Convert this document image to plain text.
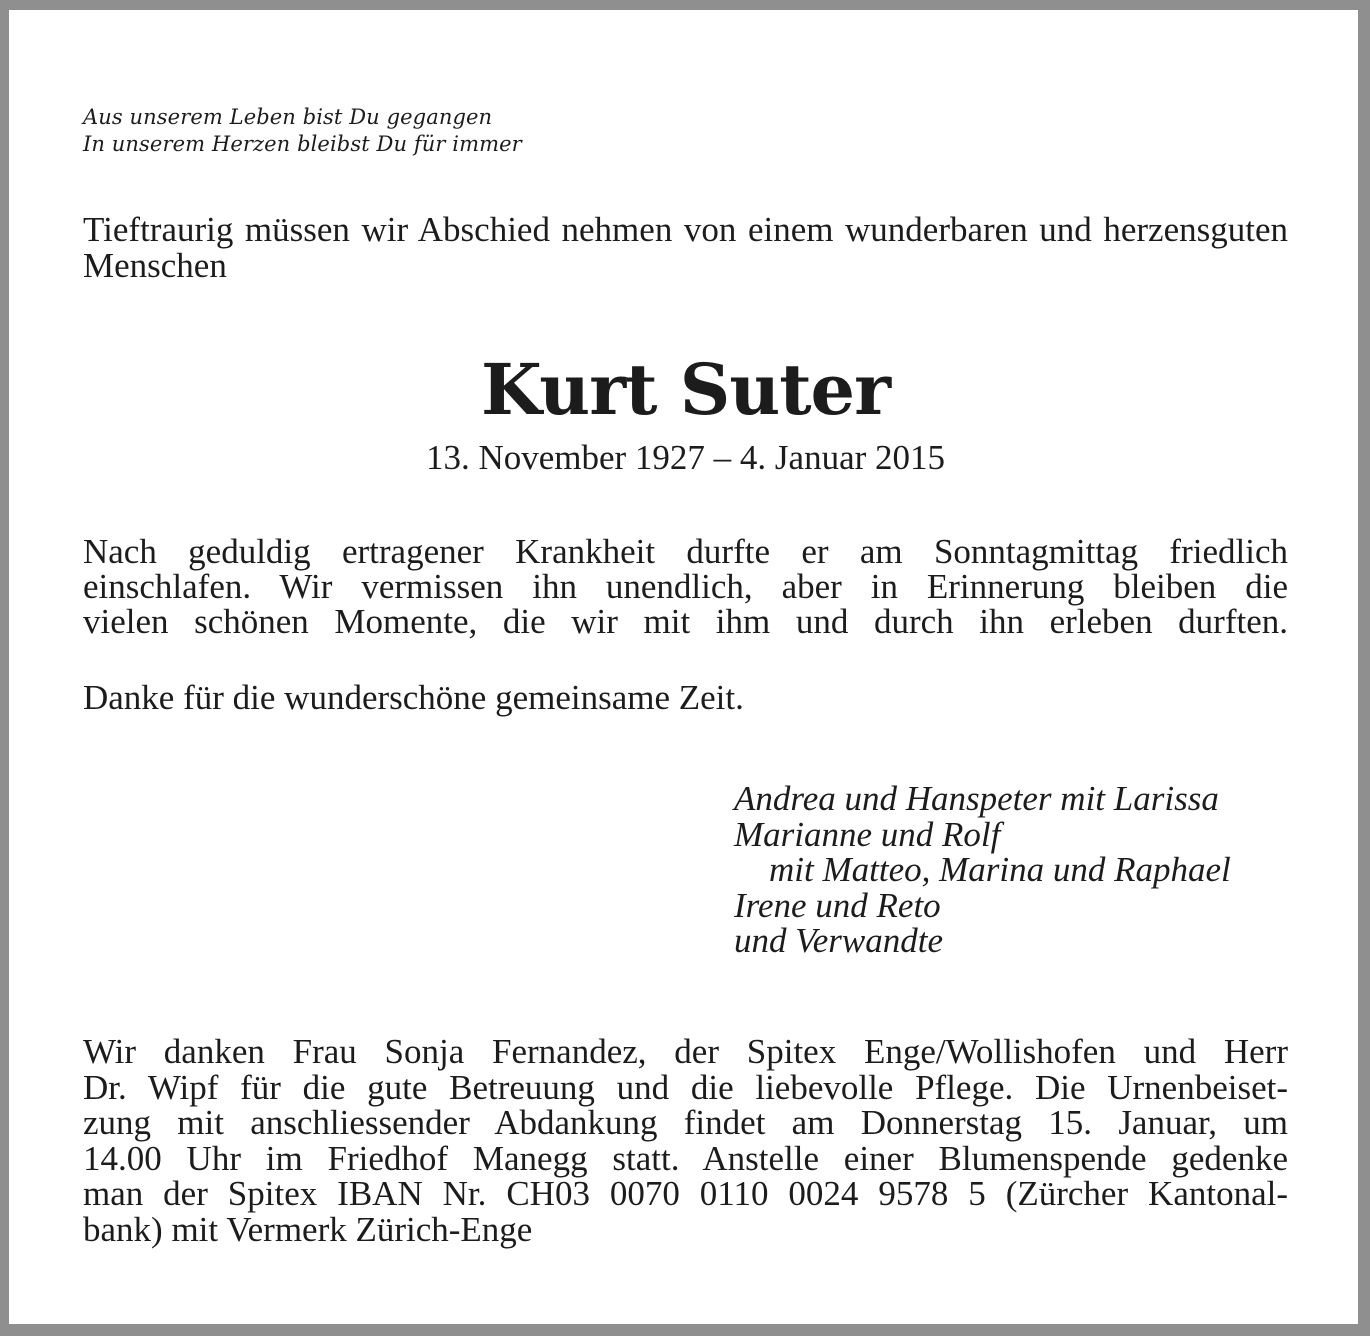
Aus unserem Leben bist Du gegangen
In unserem Herzen bleibst Du für immer

Tieftraurig müssen wir Abschied nehmen von einem wunderbaren und herzensguten Menschen

Kurt Suter
13. November 1927 – 4. Januar 2015
Nach geduldig ertragener Krankheit durfte er am Sonntagmittag friedlich
einschlafen. Wir vermissen ihn unendlich, aber in Erinnerung bleiben die
vielen schönen Momente, die wir mit ihm und durch ihn erleben durften.
Danke für die wunderschöne gemeinsame Zeit.
Andrea und Hanspeter mit Larissa
Marianne und Rolf
mit Matteo, Marina und Raphael
Irene und Reto
und Verwandte
Wir danken Frau Sonja Fernandez, der Spitex Enge/Wollishofen und Herr
Dr. Wipf für die gute Betreuung und die liebevolle Pflege. Die Urnenbeiset-
zung mit anschliessender Abdankung findet am Donnerstag 15. Januar, um
14.00 Uhr im Friedhof Manegg statt. Anstelle einer Blumenspende gedenke
man der Spitex IBAN Nr. CH03 0070 0110 0024 9578 5 (Zürcher Kantonal-
bank) mit Vermerk Zürich-Enge
